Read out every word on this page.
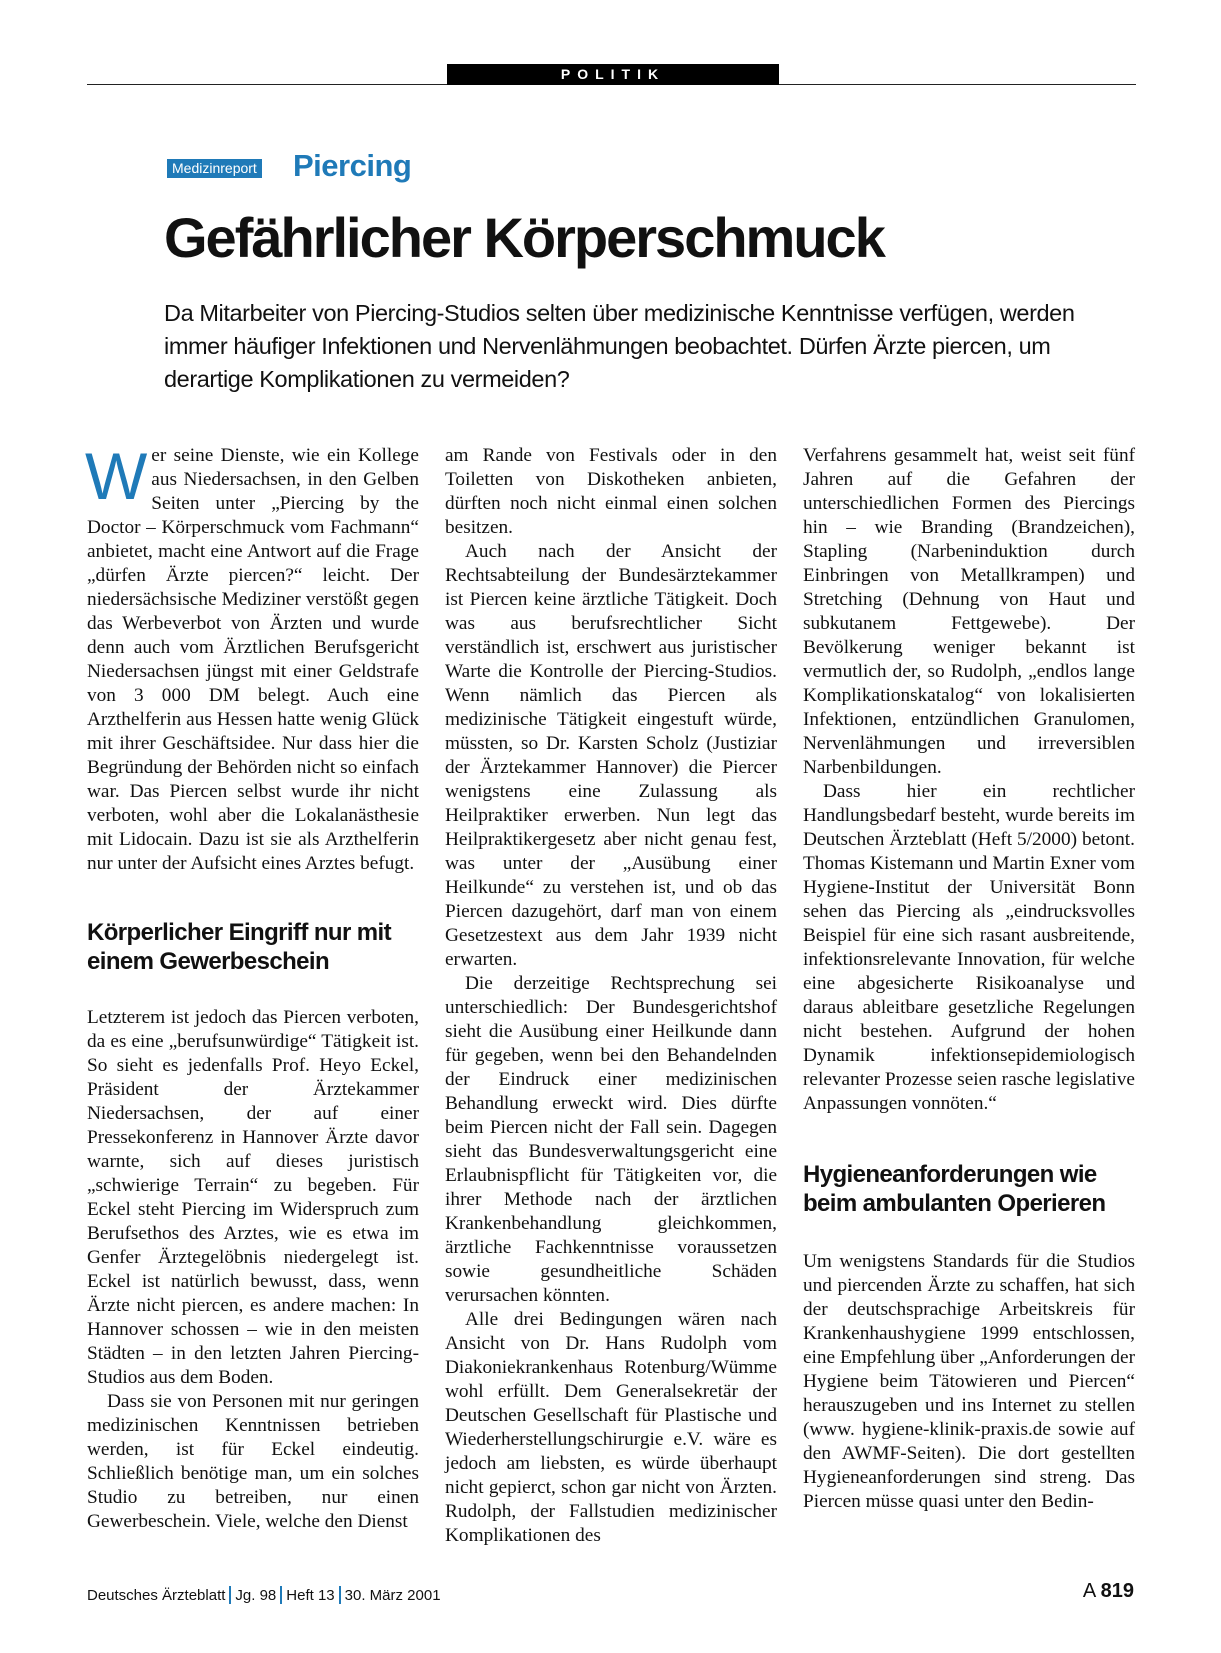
POLITIK
Medizinreport Piercing
Gefährlicher Körperschmuck

Da Mitarbeiter von Piercing-Studios selten über medizinische Kenntnisse verfügen, werden immer häufiger Infektionen und Nervenlähmungen beobachtet. Dürfen Ärzte piercen, um derartige Komplikationen zu vermeiden?

W er seine Dienste, wie ein Kollege aus Niedersachsen, in den Gelben Seiten unter „Piercing by the Doctor – Körperschmuck vom Fachmann“ anbietet, macht eine Antwort auf die Frage „dürfen Ärzte piercen?“ leicht. Der niedersächsische Mediziner verstößt gegen das Werbeverbot von Ärzten und wurde denn auch vom Ärztlichen Berufsgericht Niedersachsen jüngst mit einer Geldstrafe von 3 000 DM belegt. Auch eine Arzthelferin aus Hessen hatte wenig Glück mit ihrer Geschäftsidee. Nur dass hier die Begründung der Behörden nicht so einfach war. Das Piercen selbst wurde ihr nicht verboten, wohl aber die Lokalanästhesie mit Lidocain. Dazu ist sie als Arzthelferin nur unter der Aufsicht eines Arztes befugt.

Körperlicher Eingriff nur mit einem Gewerbeschein

Letzterem ist jedoch das Piercen verboten, da es eine „berufsunwürdige“ Tätigkeit ist. So sieht es jedenfalls Prof. Heyo Eckel, Präsident der Ärztekammer Niedersachsen, der auf einer Pressekonferenz in Hannover Ärzte davor warnte, sich auf dieses juristisch „schwierige Terrain“ zu begeben. Für Eckel steht Piercing im Widerspruch zum Berufsethos des Arztes, wie es etwa im Genfer Ärztegelöbnis niedergelegt ist. Eckel ist natürlich bewusst, dass, wenn Ärzte nicht piercen, es andere machen: In Hannover schossen – wie in den meisten Städten – in den letzten Jahren Piercing-Studios aus dem Boden.

Dass sie von Personen mit nur geringen medizinischen Kenntnissen betrieben werden, ist für Eckel eindeutig. Schließlich benötige man, um ein solches Studio zu betreiben, nur einen Gewerbeschein. Viele, welche den Dienst

am Rande von Festivals oder in den Toiletten von Diskotheken anbieten, dürften noch nicht einmal einen solchen besitzen.

Auch nach der Ansicht der Rechtsabteilung der Bundesärztekammer ist Piercen keine ärztliche Tätigkeit. Doch was aus berufsrechtlicher Sicht verständlich ist, erschwert aus juristischer Warte die Kontrolle der Piercing-Studios. Wenn nämlich das Piercen als medizinische Tätigkeit eingestuft würde, müssten, so Dr. Karsten Scholz (Justiziar der Ärztekammer Hannover) die Piercer wenigstens eine Zulassung als Heilpraktiker erwerben. Nun legt das Heilpraktikergesetz aber nicht genau fest, was unter der „Ausübung einer Heilkunde“ zu verstehen ist, und ob das Piercen dazugehört, darf man von einem Gesetzestext aus dem Jahr 1939 nicht erwarten.

Die derzeitige Rechtsprechung sei unterschiedlich: Der Bundesgerichtshof sieht die Ausübung einer Heilkunde dann für gegeben, wenn bei den Behandelnden der Eindruck einer medizinischen Behandlung erweckt wird. Dies dürfte beim Piercen nicht der Fall sein. Dagegen sieht das Bundesverwaltungsgericht eine Erlaubnispflicht für Tätigkeiten vor, die ihrer Methode nach der ärztlichen Krankenbehandlung gleichkommen, ärztliche Fachkenntnisse voraussetzen sowie gesundheitliche Schäden verursachen könnten.

Alle drei Bedingungen wären nach Ansicht von Dr. Hans Rudolph vom Diakoniekrankenhaus Rotenburg/Wümme wohl erfüllt. Dem Generalsekretär der Deutschen Gesellschaft für Plastische und Wiederherstellungschirurgie e.V. wäre es jedoch am liebsten, es würde überhaupt nicht gepierct, schon gar nicht von Ärzten. Rudolph, der Fallstudien medizinischer Komplikationen des

Verfahrens gesammelt hat, weist seit fünf Jahren auf die Gefahren der unterschiedlichen Formen des Piercings hin – wie Branding (Brandzeichen), Stapling (Narbeninduktion durch Einbringen von Metallkrampen) und Stretching (Dehnung von Haut und subkutanem Fettgewebe). Der Bevölkerung weniger bekannt ist vermutlich der, so Rudolph, „endlos lange Komplikationskatalog“ von lokalisierten Infektionen, entzündlichen Granulomen, Nervenlähmungen und irreversiblen Narbenbildungen.

Dass hier ein rechtlicher Handlungsbedarf besteht, wurde bereits im Deutschen Ärzteblatt (Heft 5/2000) betont. Thomas Kistemann und Martin Exner vom Hygiene-Institut der Universität Bonn sehen das Piercing als „eindrucksvolles Beispiel für eine sich rasant ausbreitende, infektionsrelevante Innovation, für welche eine abgesicherte Risikoanalyse und daraus ableitbare gesetzliche Regelungen nicht bestehen. Aufgrund der hohen Dynamik infektionsepidemiologisch relevanter Prozesse seien rasche legislative Anpassungen vonnöten.“

Hygieneanforderungen wie beim ambulanten Operieren

Um wenigstens Standards für die Studios und piercenden Ärzte zu schaffen, hat sich der deutschsprachige Arbeitskreis für Krankenhaushygiene 1999 entschlossen, eine Empfehlung über „Anforderungen der Hygiene beim Tätowieren und Piercen“ herauszugeben und ins Internet zu stellen (www. hygiene-klinik-praxis.de sowie auf den AWMF-Seiten). Die dort gestellten Hygieneanforderungen sind streng. Das Piercen müsse quasi unter den Bedin-

Deutsches Ärzteblatt Jg. 98 Heft 13 30. März 2001	A 819
